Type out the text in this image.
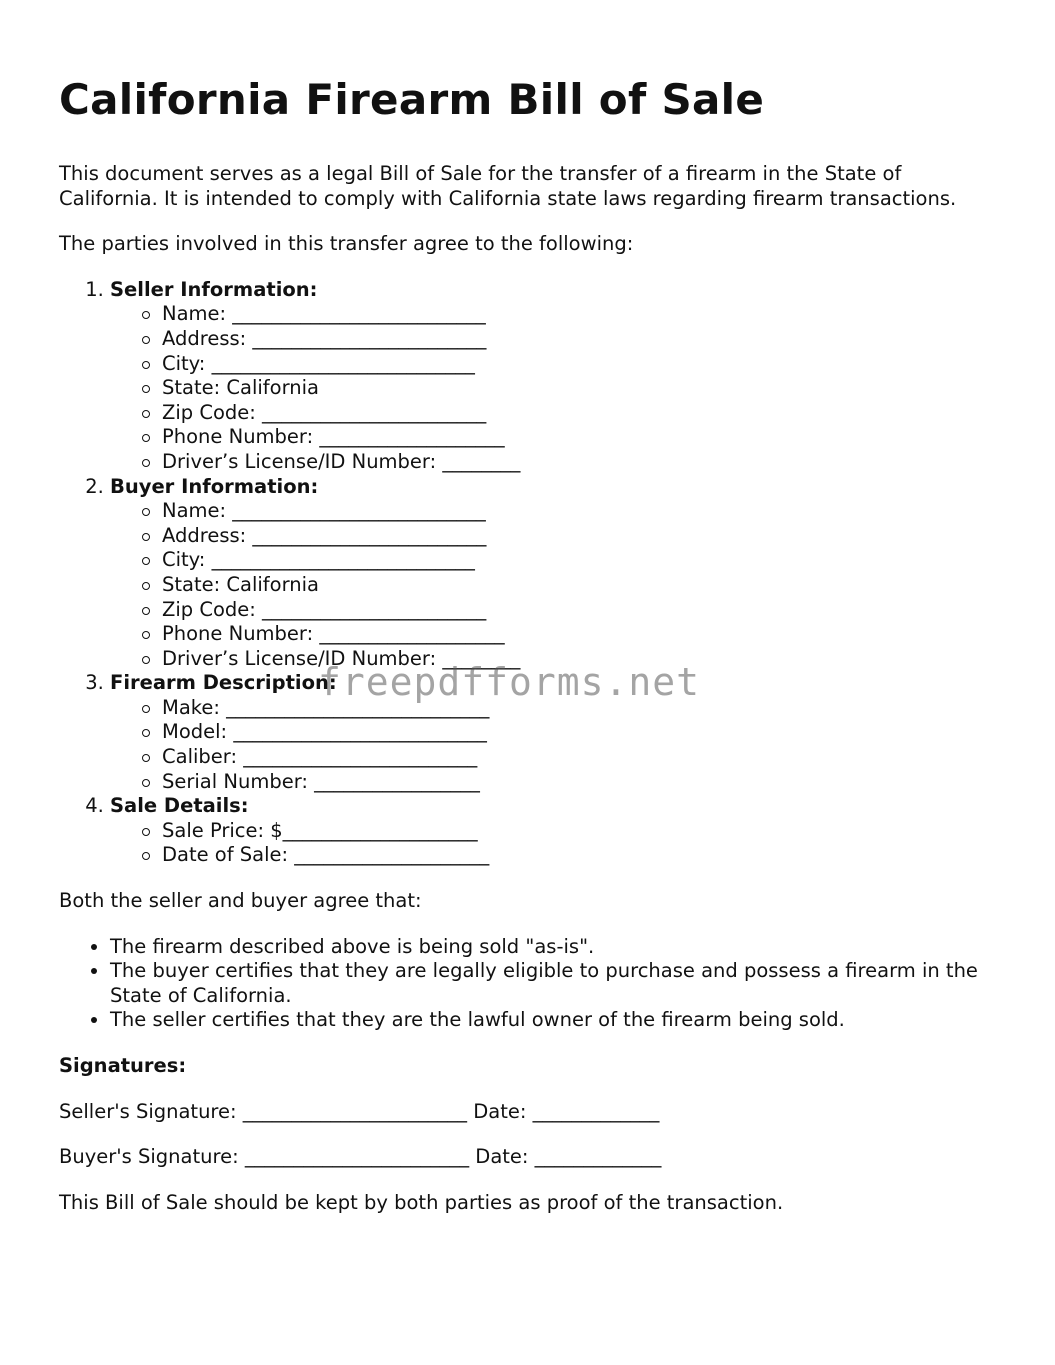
California Firearm Bill of Sale

This document serves as a legal Bill of Sale for the transfer of a firearm in the State of California. It is intended to comply with California state laws regarding firearm transactions.

The parties involved in this transfer agree to the following:

1. Seller Information:
Name: __________________________
Address: ________________________
City: ___________________________
State: California
Zip Code: _______________________
Phone Number: ___________________
Driver’s License/ID Number: ________
2. Buyer Information:
Name: __________________________
Address: ________________________
City: ___________________________
State: California
Zip Code: _______________________
Phone Number: ___________________
Driver’s License/ID Number: ________
3. Firearm Description:
Make: ___________________________
Model: __________________________
Caliber: ________________________
Serial Number: _________________
4. Sale Details:
Sale Price: $____________________
Date of Sale: ____________________

Both the seller and buyer agree that:

• The firearm described above is being sold "as-is".
• The buyer certifies that they are legally eligible to purchase and possess a firearm in the State of California.
• The seller certifies that they are the lawful owner of the firearm being sold.

Signatures:

Seller's Signature: _______________________ Date: _____________

Buyer's Signature: _______________________ Date: _____________

This Bill of Sale should be kept by both parties as proof of the transaction.

freepdfforms.net
